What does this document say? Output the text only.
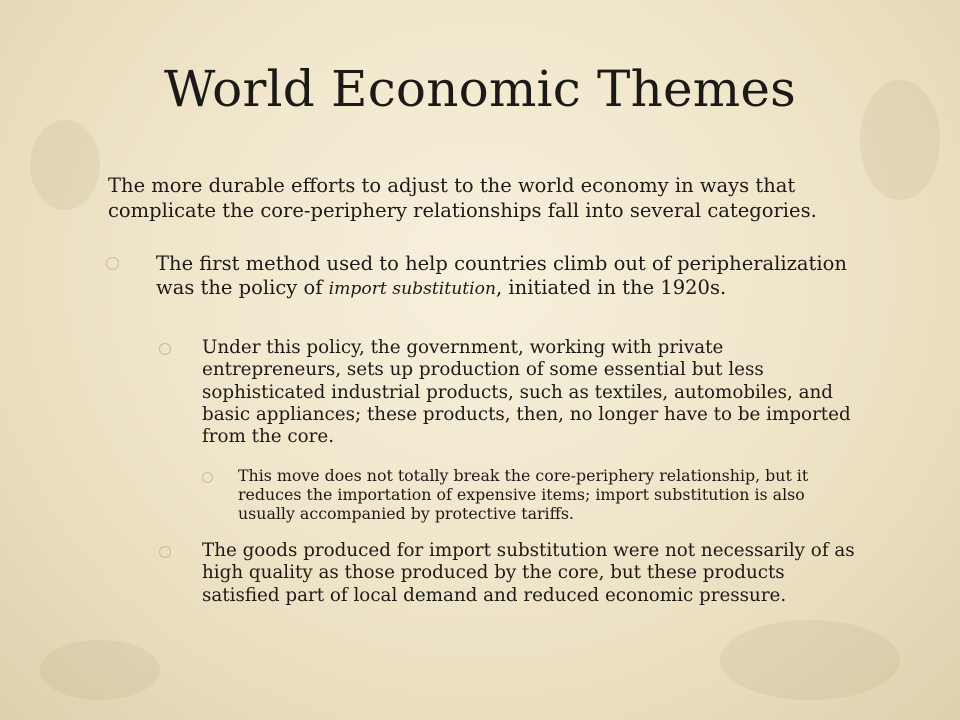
World Economic Themes

The more durable efforts to adjust to the world economy in ways that complicate the core-periphery relationships fall into several categories.

The first method used to help countries climb out of peripheralization was the policy of import substitution, initiated in the 1920s.

Under this policy, the government, working with private entrepreneurs, sets up production of some essential but less sophisticated industrial products, such as textiles, automobiles, and basic appliances; these products, then, no longer have to be imported from the core.

This move does not totally break the core-periphery relationship, but it reduces the importation of expensive items; import substitution is also usually accompanied by protective tariffs.

The goods produced for import substitution were not necessarily of as high quality as those produced by the core, but these products satisfied part of local demand and reduced economic pressure.
